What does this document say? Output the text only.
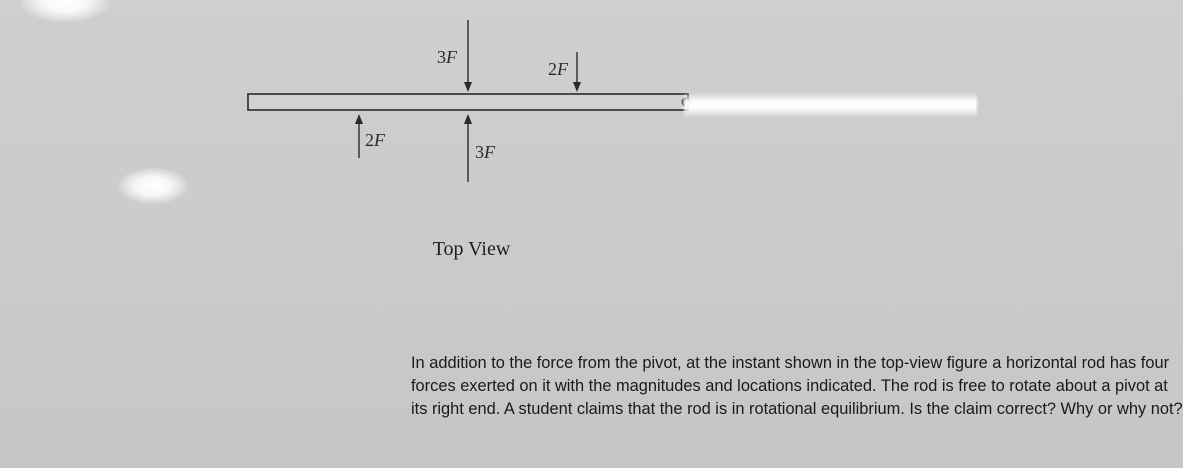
3F
2F
2F
3F
Top View
In addition to the force from the pivot, at the instant shown in the top-view figure a horizontal rod has four
forces exerted on it with the magnitudes and locations indicated. The rod is free to rotate about a pivot at
its right end. A student claims that the rod is in rotational equilibrium. Is the claim correct? Why or why not?
